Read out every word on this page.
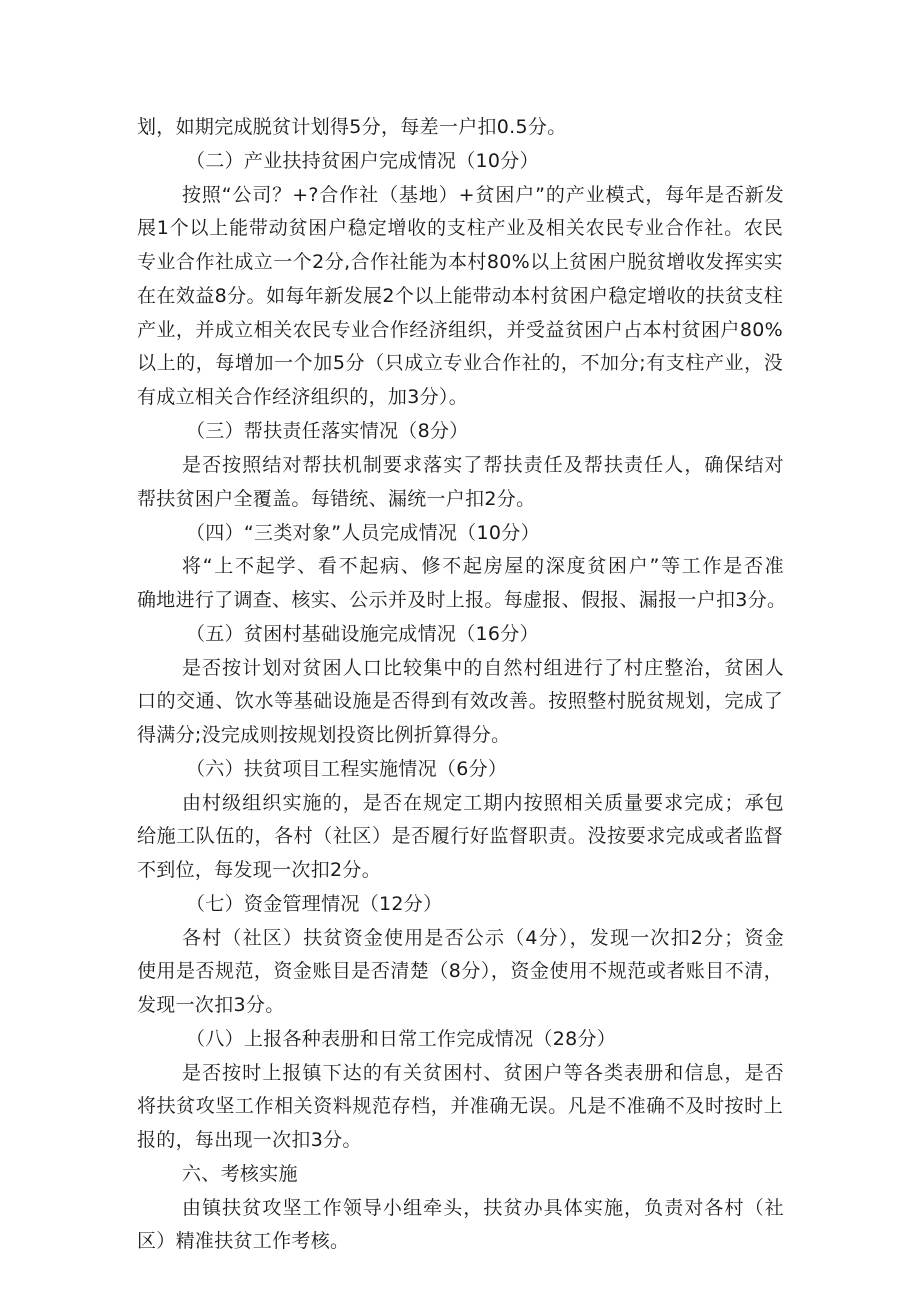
划，如期完成脱贫计划得5分，每差一户扣0.5分。
（二）产业扶持贫困户完成情况（10分）
按照“公司？+?合作社（基地）+贫困户”的产业模式，每年是否新发
展1个以上能带动贫困户稳定增收的支柱产业及相关农民专业合作社。农民
专业合作社成立一个2分,合作社能为本村80%以上贫困户脱贫增收发挥实实
在在效益8分。如每年新发展2个以上能带动本村贫困户稳定增收的扶贫支柱
产业，并成立相关农民专业合作经济组织，并受益贫困户占本村贫困户80%
以上的，每增加一个加5分（只成立专业合作社的，不加分;有支柱产业，没
有成立相关合作经济组织的，加3分）。
（三）帮扶责任落实情况（8分）
是否按照结对帮扶机制要求落实了帮扶责任及帮扶责任人，确保结对
帮扶贫困户全覆盖。每错统、漏统一户扣2分。
（四）“三类对象”人员完成情况（10分）
将“上不起学、看不起病、修不起房屋的深度贫困户”等工作是否准
确地进行了调查、核实、公示并及时上报。每虚报、假报、漏报一户扣3分。
（五）贫困村基础设施完成情况（16分）
是否按计划对贫困人口比较集中的自然村组进行了村庄整治，贫困人
口的交通、饮水等基础设施是否得到有效改善。按照整村脱贫规划，完成了
得满分;没完成则按规划投资比例折算得分。
（六）扶贫项目工程实施情况（6分）
由村级组织实施的，是否在规定工期内按照相关质量要求完成；承包
给施工队伍的，各村（社区）是否履行好监督职责。没按要求完成或者监督
不到位，每发现一次扣2分。
（七）资金管理情况（12分）
各村（社区）扶贫资金使用是否公示（4分），发现一次扣2分；资金
使用是否规范，资金账目是否清楚（8分），资金使用不规范或者账目不清，
发现一次扣3分。
（八）上报各种表册和日常工作完成情况（28分）
是否按时上报镇下达的有关贫困村、贫困户等各类表册和信息，是否
将扶贫攻坚工作相关资料规范存档，并准确无误。凡是不准确不及时按时上
报的，每出现一次扣3分。
六、考核实施
由镇扶贫攻坚工作领导小组牵头，扶贫办具体实施，负责对各村（社
区）精准扶贫工作考核。
